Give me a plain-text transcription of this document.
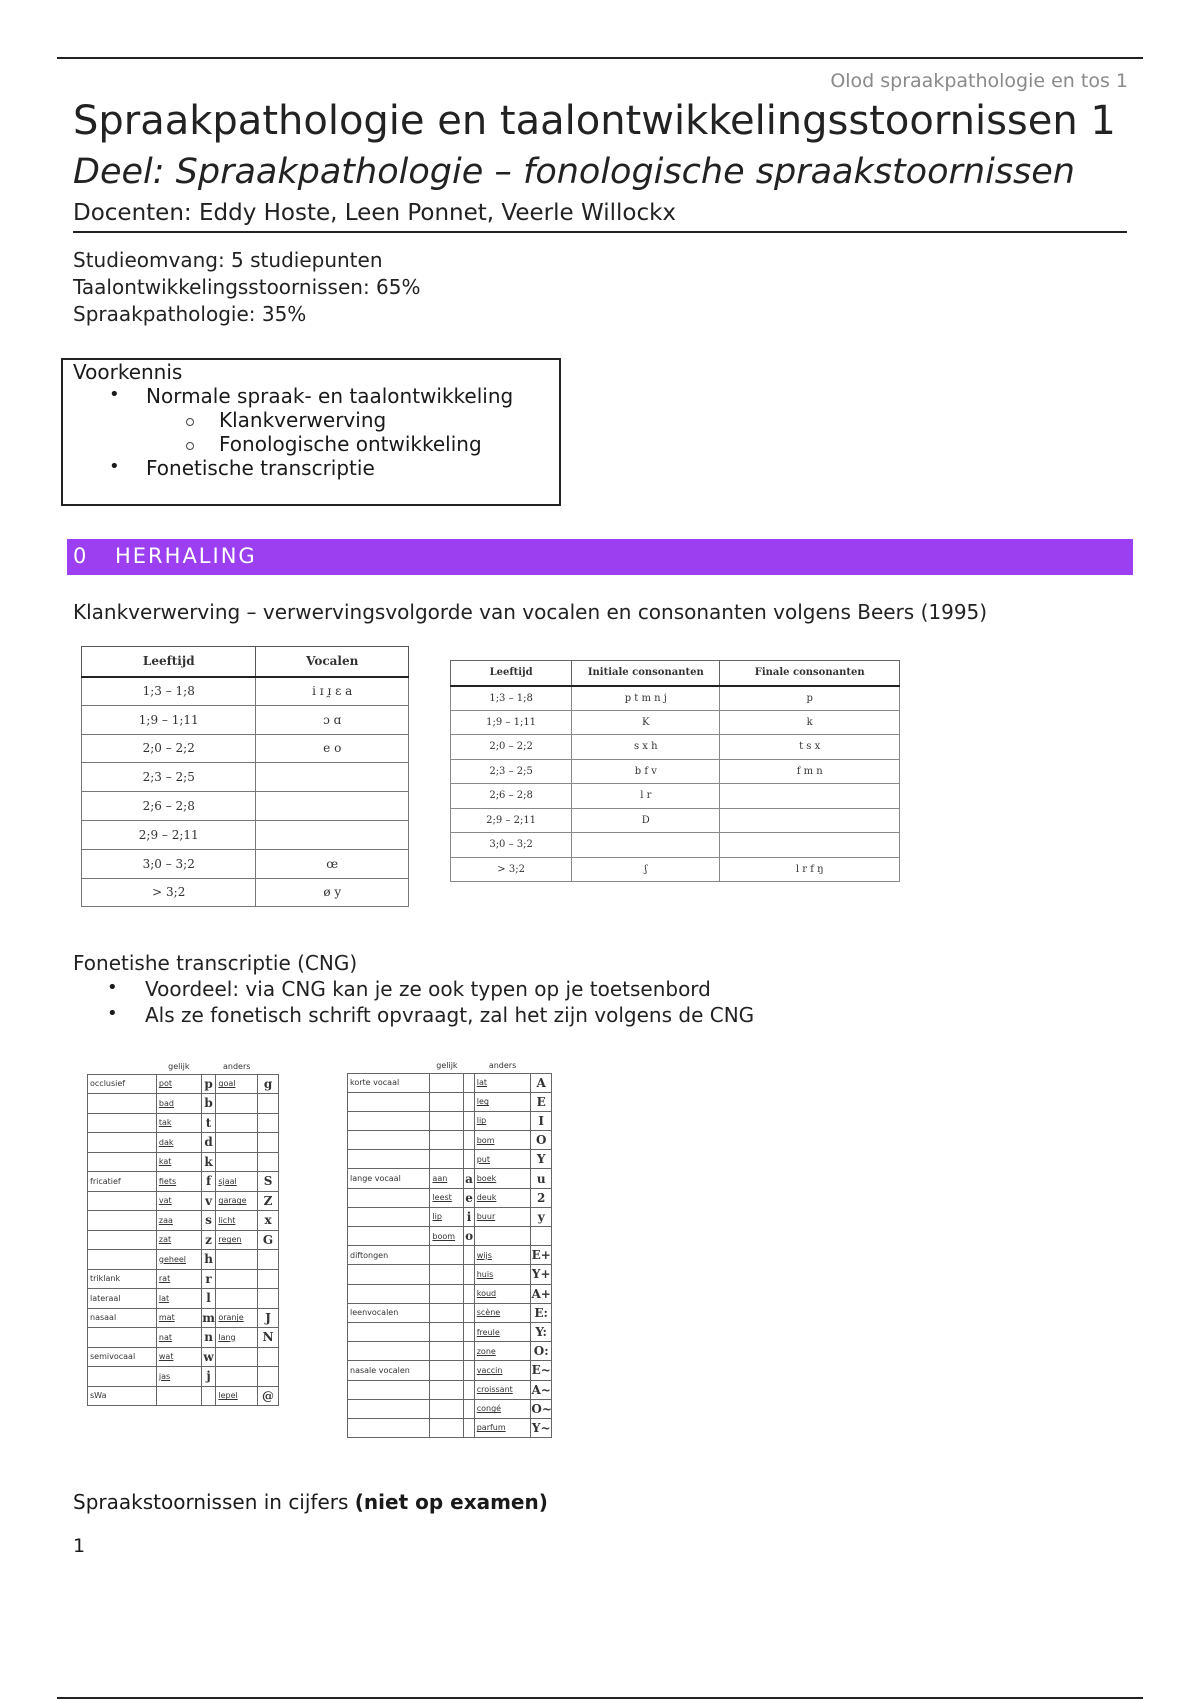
Olod spraakpathologie en tos 1
Spraakpathologie en taalontwikkelingsstoornissen 1
Deel: Spraakpathologie – fonologische spraakstoornissen
Docenten: Eddy Hoste, Leen Ponnet, Veerle Willockx
Studieomvang: 5 studiepunten
Taalontwikkelingsstoornissen: 65%
Spraakpathologie: 35%
Voorkennis
• Normale spraak- en taalontwikkeling
Klankverwerving
Fonologische ontwikkeling
• Fonetische transcriptie
0 HERHALING
Klankverwerving – verwervingsvolgorde van vocalen en consonanten volgens Beers (1995)
Leeftijd	Vocalen
1;3 – 1;8	i ɪ ɪ̯ ɛ a
1;9 – 1;11	ɔ ɑ
2;0 – 2;2	e o
2;3 – 2;5	
2;6 – 2;8	
2;9 – 2;11	
3;0 – 3;2	œ
> 3;2	ø y
Leeftijd	Initiale consonanten	Finale consonanten
1;3 – 1;8	p t m n j	p
1;9 – 1;11	K	k
2;0 – 2;2	s x h	t s x
2;3 – 2;5	b f v	f m n
2;6 – 2;8	l r	
2;9 – 2;11	D	
3;0 – 3;2		
> 3;2	ʃ	l r f ŋ
Fonetishe transcriptie (CNG)
• Voordeel: via CNG kan je ze ook typen op je toetsenbord
• Als ze fonetisch schrift opvraagt, zal het zijn volgens de CNG
	gelijk		anders	
occlusief	pot	p	goal	g
	bad	b		
	tak	t		
	dak	d		
	kat	k		
fricatief	fiets	f	sjaal	S
	vat	v	garage	Z
	zaa	s	licht	x
	zat	z	regen	G
	geheel	h		
triklank	rat	r		
lateraal	lat	l		
nasaal	mat	m	oranje	J
	nat	n	lang	N
semivocaal	wat	w		
	jas	j		
sWa			lepel	@
	gelijk		anders	
korte vocaal			lat	A
			leg	E
			lip	I
			bom	O
			put	Y
lange vocaal	aan	a	boek	u
	leest	e	deuk	2
	lip	i	buur	y
	boom	o		
diftongen			wijs	E+
			huis	Y+
			koud	A+
leenvocalen			scène	E:
			freule	Y:
			zone	O:
nasale vocalen			vaccin	E~
			croissant	A~
			congé	O~
			parfum	Y~
Spraakstoornissen in cijfers (niet op examen)
1
